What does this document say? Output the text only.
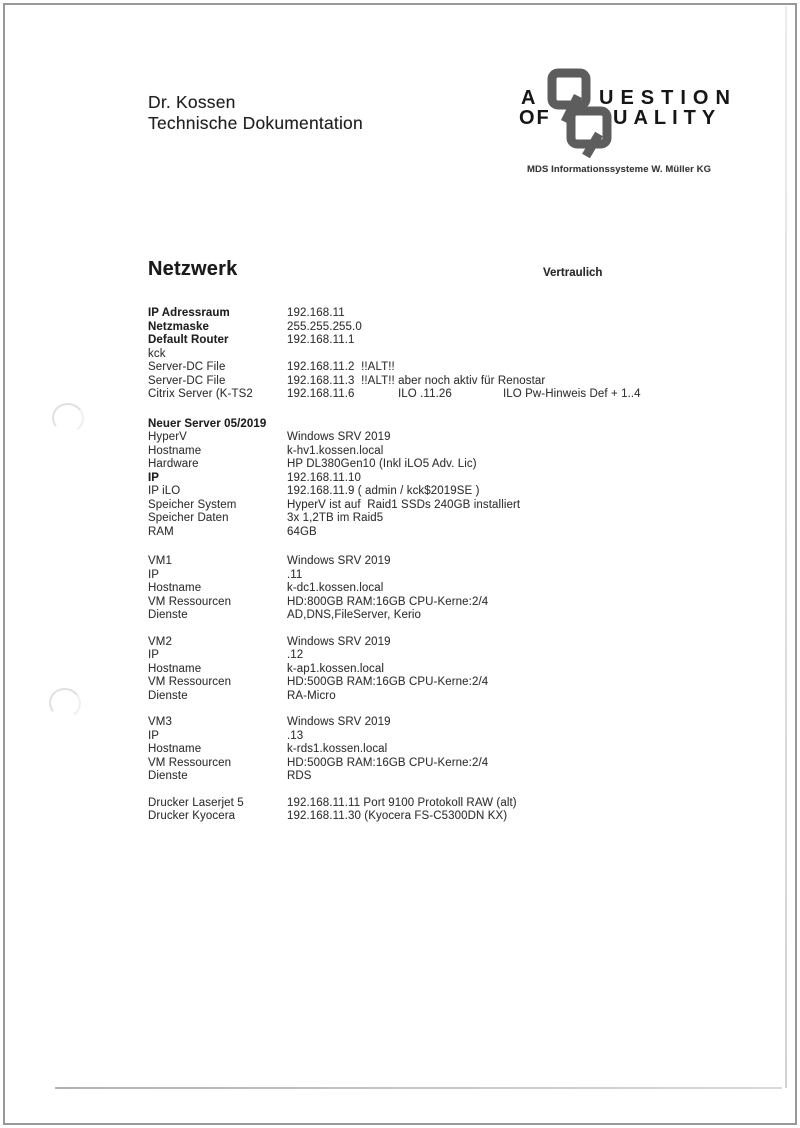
Dr. Kossen
Technische Dokumentation
A	UESTION
OF	UALITY
MDS Informationssysteme W. Müller KG
Netzwerk	Vertraulich
IP Adressraum	192.168.11
Netzmaske	255.255.255.0
Default Router	192.168.11.1
kck
Server-DC File	192.168.11.2  !!ALT!!
Server-DC File	192.168.11.3  !!ALT!! aber noch aktiv für Renostar
Citrix Server (K-TS2	192.168.11.6	ILO .11.26	ILO Pw-Hinweis Def + 1..4
Neuer Server 05/2019
HyperV	Windows SRV 2019
Hostname	k-hv1.kossen.local
Hardware	HP DL380Gen10 (Inkl iLO5 Adv. Lic)
IP	192.168.11.10
IP iLO	192.168.11.9 ( admin / kck$2019SE )
Speicher System	HyperV ist auf  Raid1 SSDs 240GB installiert
Speicher Daten	3x 1,2TB im Raid5
RAM	64GB
VM1	Windows SRV 2019
IP	.11
Hostname	k-dc1.kossen.local
VM Ressourcen	HD:800GB RAM:16GB CPU-Kerne:2/4
Dienste	AD,DNS,FileServer, Kerio
VM2	Windows SRV 2019
IP	.12
Hostname	k-ap1.kossen.local
VM Ressourcen	HD:500GB RAM:16GB CPU-Kerne:2/4
Dienste	RA-Micro
VM3	Windows SRV 2019
IP	.13
Hostname	k-rds1.kossen.local
VM Ressourcen	HD:500GB RAM:16GB CPU-Kerne:2/4
Dienste	RDS
Drucker Laserjet 5	192.168.11.11 Port 9100 Protokoll RAW (alt)
Drucker Kyocera	192.168.11.30 (Kyocera FS-C5300DN KX)
